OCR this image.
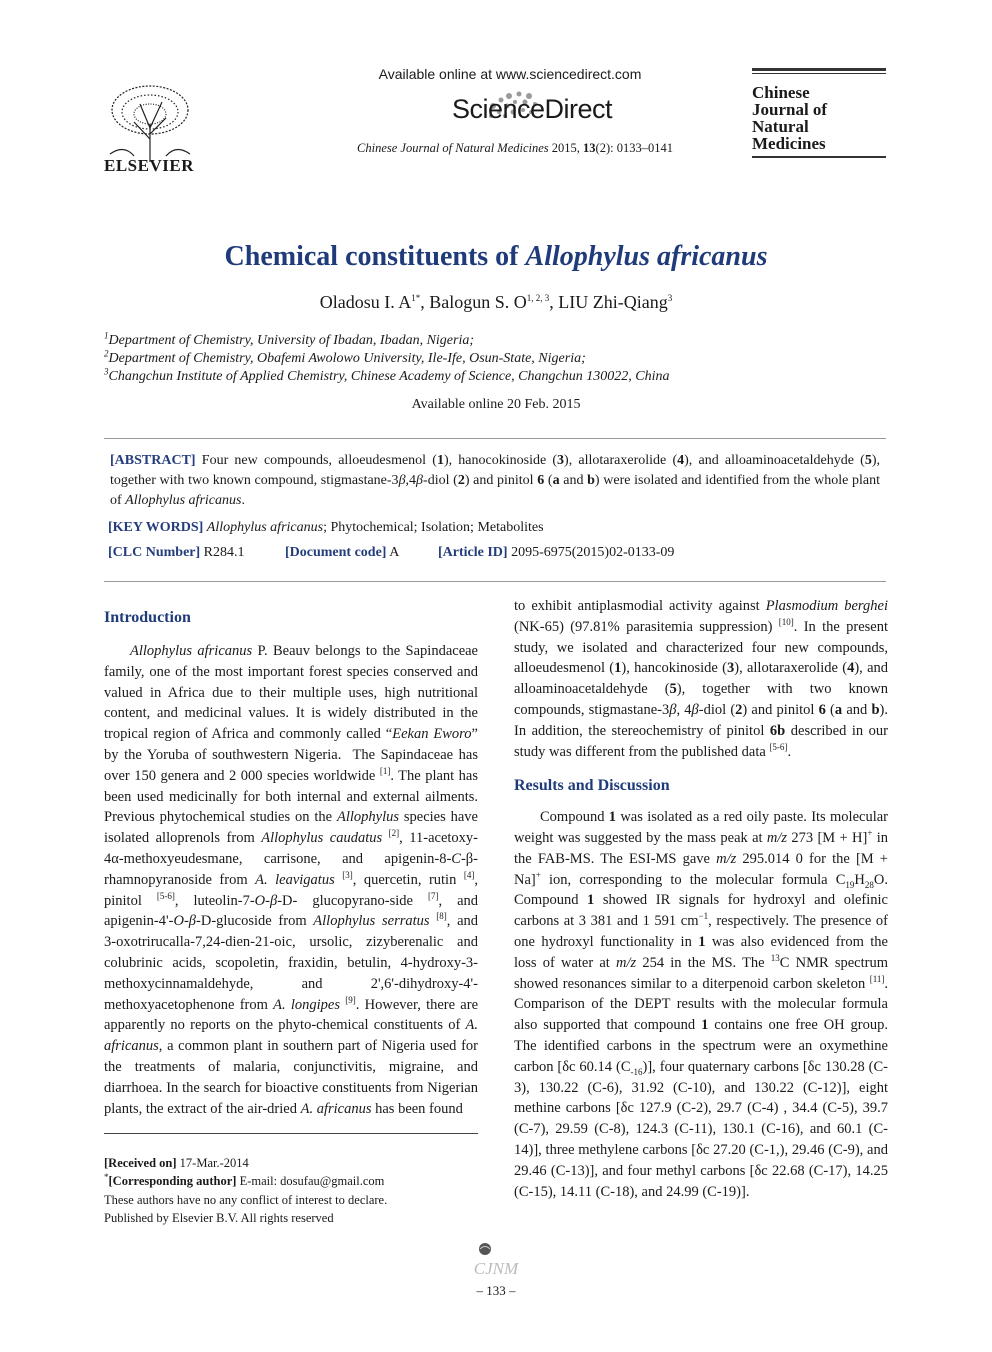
ELSEVIER
Available online at www.sciencedirect.com
ScienceDirect
Chinese Journal of Natural Medicines 2015, 13(2): 0133–0141
Chinese
Journal of
Natural
Medicines
Chemical constituents of Allophylus africanus
Oladosu I. $A^{1*}$, Balogun S. O$^{1, 2, 3}$, LIU Zhi-Qiang$^3$
$^1$Department of Chemistry, University of Ibadan, Ibadan, Nigeria;
$^2$Department of Chemistry, Obafemi Awolowo University, Ile-Ife, Osun-State, Nigeria;
$^3$Changchun Institute of Applied Chemistry, Chinese Academy of Science, Changchun 130022, China
Available online 20 Feb. 2015
[ABSTRACT] Four new compounds, alloeudesmenol (1), hanocokinoside (3), allotaraxerolide (4), and alloaminoacetaldehyde (5), together with two known compound, stigmastane-3β,4β-diol (2) and pinitol 6 (a and b) were isolated and identified from the whole plant of Allophylus africanus.
[KEY WORDS] Allophylus africanus; Phytochemical; Isolation; Metabolites
[CLC Number] R284.1	[Document code] A	[Article ID] 2095-6975(2015)02-0133-09
Introduction

Allophylus africanus P. Beauv belongs to the Sapindaceae family, one of the most important forest species conserved and valued in Africa due to their multiple uses, high nutritional content, and medicinal values. It is widely distributed in the tropical region of Africa and commonly called “Eekan Eworo” by the Yoruba of southwestern Nigeria.  The Sapindaceae has over 150 genera and 2 000 species worldwide [1]. The plant has been used medicinally for both internal and external ailments. Previous phytochemical studies on the Allophylus species have isolated alloprenols from Allophylus caudatus [2], 11-acetoxy-4α-methoxyeudesmane, carrisone, and apigenin-8-C-β-rhamnopyranoside from A. leavigatus [3], quercetin, rutin [4], pinitol [5-6], luteolin-7-O-β-D- glucopyrano-side [7], and apigenin-4'-O-β-D-glucoside from Allophylus serratus [8], and 3-oxotrirucalla-7,24-dien-21-oic, ursolic, zizyberenalic and colubrinic acids, scopoletin, fraxidin, betulin, 4-hydroxy-3-methoxycinnamaldehyde, and 2',6'-dihydroxy-4'-methoxyacetophenone from A. longipes [9]. However, there are apparently no reports on the phyto-chemical constituents of A. africanus, a common plant in southern part of Nigeria used for the treatments of malaria, conjunctivitis, migraine, and diarrhoea. In the search for bioactive constituents from Nigerian plants, the extract of the air-dried A. africanus has been found

[Received on] 17-Mar.-2014
*[Corresponding author] E-mail: dosufau@gmail.com
These authors have no any conflict of interest to declare.
Published by Elsevier B.V. All rights reserved

to exhibit antiplasmodial activity against Plasmodium berghei (NK-65) (97.81% parasitemia suppression) [10]. In the present study, we isolated and characterized four new compounds, alloeudesmenol (1), hancokinoside (3), allotaraxerolide (4), and alloaminoacetaldehyde (5), together with two known compounds, stigmastane-3β, 4β-diol (2) and pinitol 6 (a and b). In addition, the stereochemistry of pinitol 6b described in our study was different from the published data [5-6].

Results and Discussion

Compound 1 was isolated as a red oily paste. Its molecular weight was suggested by the mass peak at m/z 273 [M + H]+ in the FAB-MS. The ESI-MS gave m/z 295.014 0 for the [M + Na]+ ion, corresponding to the molecular formula $C_{19}H_{28}O$. Compound 1 showed IR signals for hydroxyl and olefinic carbons at 3 381 and 1 591 $cm^{-1}$, respectively. The presence of one hydroxyl functionality in 1 was also evidenced from the loss of water at m/z 254 in the MS. The $^{13}$C NMR spectrum showed resonances similar to a diterpenoid carbon skeleton [11]. Comparison of the DEPT results with the molecular formula also supported that compound 1 contains one free OH group. The identified carbons in the spectrum were an oxymethine carbon [δc 60.14 $(C_{-16})$], four quaternary carbons [δc 130.28 (C-3), 130.22 (C-6), 31.92 (C-10), and 130.22 (C-12)], eight methine carbons [δc 127.9 (C-2), 29.7 (C-4) , 34.4 (C-5), 39.7 (C-7), 29.59 (C-8), 124.3 (C-11), 130.1 (C-16), and 60.1 (C-14)], three methylene carbons [δc 27.20 (C-1,), 29.46 (C-9), and 29.46 (C-13)], and four methyl carbons [δc 22.68 (C-17), 14.25 (C-15), 14.11 (C-18), and 24.99 (C-19)].

CJNM
– 133 –
